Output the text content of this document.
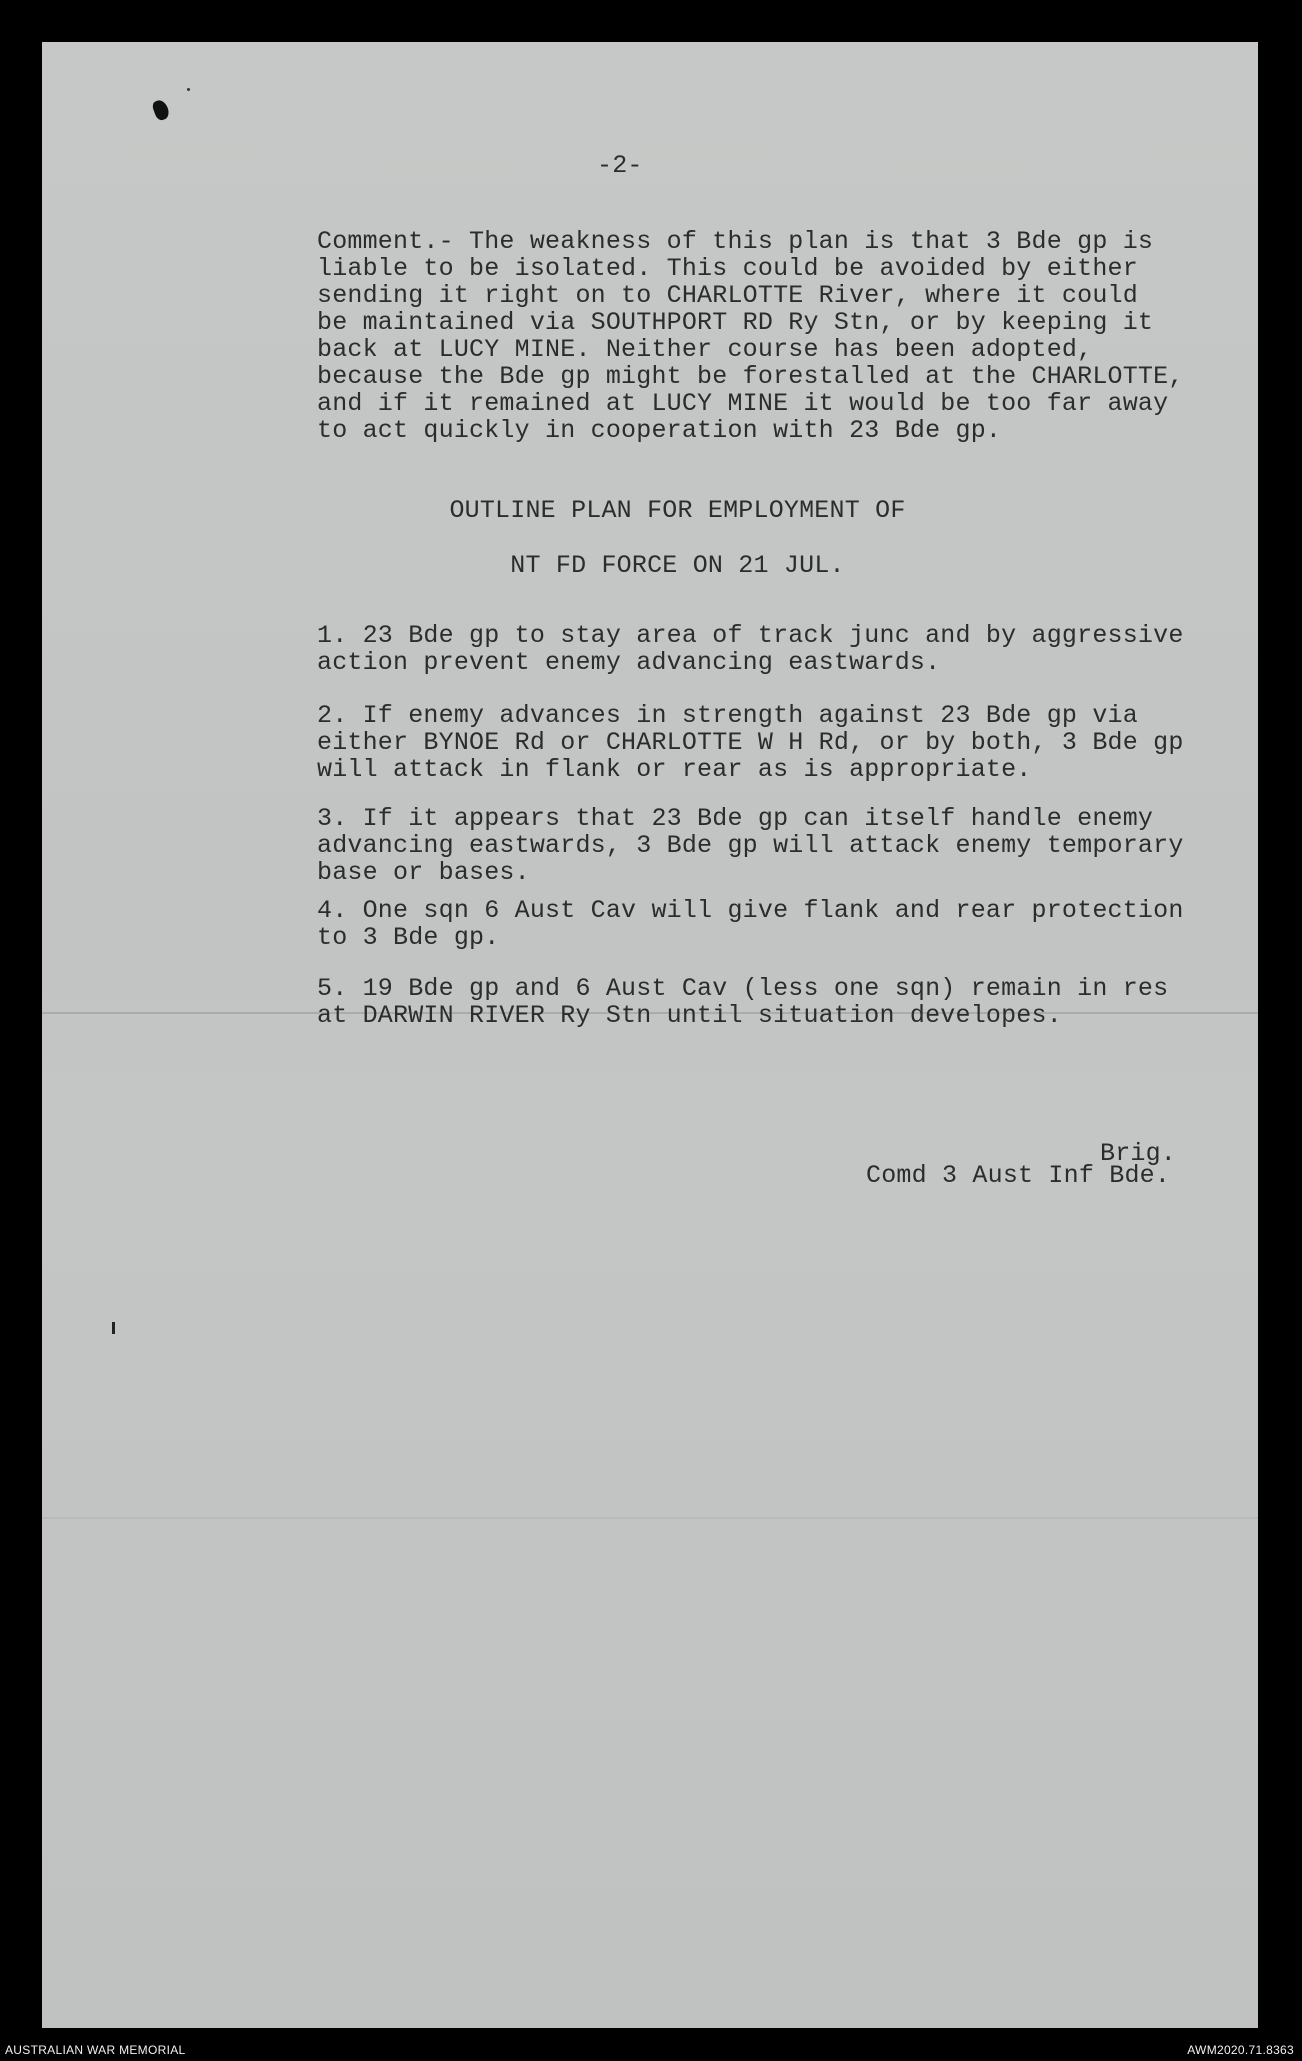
-2-

Comment.- The weakness of this plan is that 3 Bde gp is
liable to be isolated. This could be avoided by either
sending it right on to CHARLOTTE River, where it could
be maintained via SOUTHPORT RD Ry Stn, or by keeping it
back at LUCY MINE. Neither course has been adopted,
because the Bde gp might be forestalled at the CHARLOTTE,
and if it remained at LUCY MINE it would be too far away
to act quickly in cooperation with 23 Bde gp.

OUTLINE PLAN FOR EMPLOYMENT OF

NT FD FORCE ON 21 JUL.

1. 23 Bde gp to stay area of track junc and by aggressive
action prevent enemy advancing eastwards.

2. If enemy advances in strength against 23 Bde gp via
either BYNOE Rd or CHARLOTTE W H Rd, or by both, 3 Bde gp
will attack in flank or rear as is appropriate.

3. If it appears that 23 Bde gp can itself handle enemy
advancing eastwards, 3 Bde gp will attack enemy temporary
base or bases.

4. One sqn 6 Aust Cav will give flank and rear protection
to 3 Bde gp.

5. 19 Bde gp and 6 Aust Cav (less one sqn) remain in res
at DARWIN RIVER Ry Stn until situation developes.

Brig.

Comd 3 Aust Inf Bde.

AUSTRALIAN WAR MEMORIAL	AWM2020.71.8363
